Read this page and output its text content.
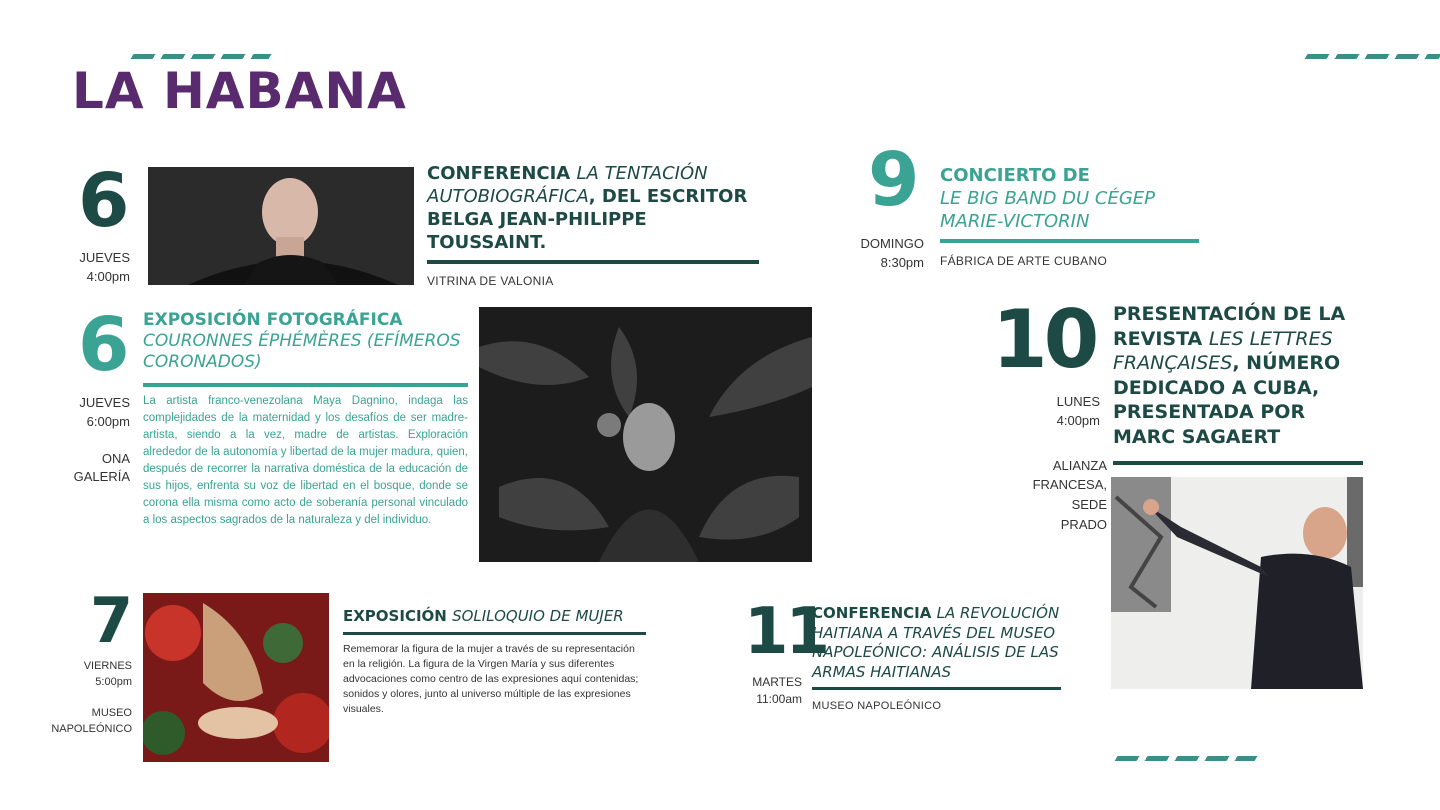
LA HABANA
6
JUEVES
4:00pm
CONFERENCIA LA TENTACIÓN AUTOBIOGRÁFICA, DEL ESCRITOR BELGA JEAN-PHILIPPE TOUSSAINT.
VITRINA DE VALONIA
6
JUEVES
6:00pm
ONA
GALERÍA
EXPOSICIÓN FOTOGRÁFICA
COURONNES ÉPHÉMÈRES (EFÍMEROS CORONADOS)
La artista franco-venezolana Maya Dagnino, indaga las complejidades de la maternidad y los desafíos de ser madre-artista, siendo a la vez, madre de artistas. Exploración alrededor de la autonomía y libertad de la mujer madura, quien, después de recorrer la narrativa doméstica de la educación de sus hijos, enfrenta su voz de libertad en el bosque, donde se corona ella misma como acto de soberanía personal vinculado a los aspectos sagrados de la naturaleza y del individuo.
7
VIERNES
5:00pm
MUSEO
NAPOLEÓNICO
EXPOSICIÓN SOLILOQUIO DE MUJER
Rememorar la figura de la mujer a través de su representación en la religión. La figura de la Virgen María y sus diferentes advocaciones como centro de las expresiones aquí contenidas; sonidos y olores, junto al universo múltiple de las expresiones visuales.
9
DOMINGO
8:30pm
CONCIERTO DE
LE BIG BAND DU CÉGEP MARIE-VICTORIN
FÁBRICA DE ARTE CUBANO
10
LUNES
4:00pm
PRESENTACIÓN DE LA REVISTA LES LETTRES FRANÇAISES, NÚMERO DEDICADO A CUBA, PRESENTADA POR MARC SAGAERT
ALIANZA
FRANCESA,
SEDE
PRADO
11
MARTES
11:00am
CONFERENCIA LA REVOLUCIÓN HAITIANA A TRAVÉS DEL MUSEO NAPOLEÓNICO: ANÁLISIS DE LAS ARMAS HAITIANAS
MUSEO NAPOLEÓNICO
